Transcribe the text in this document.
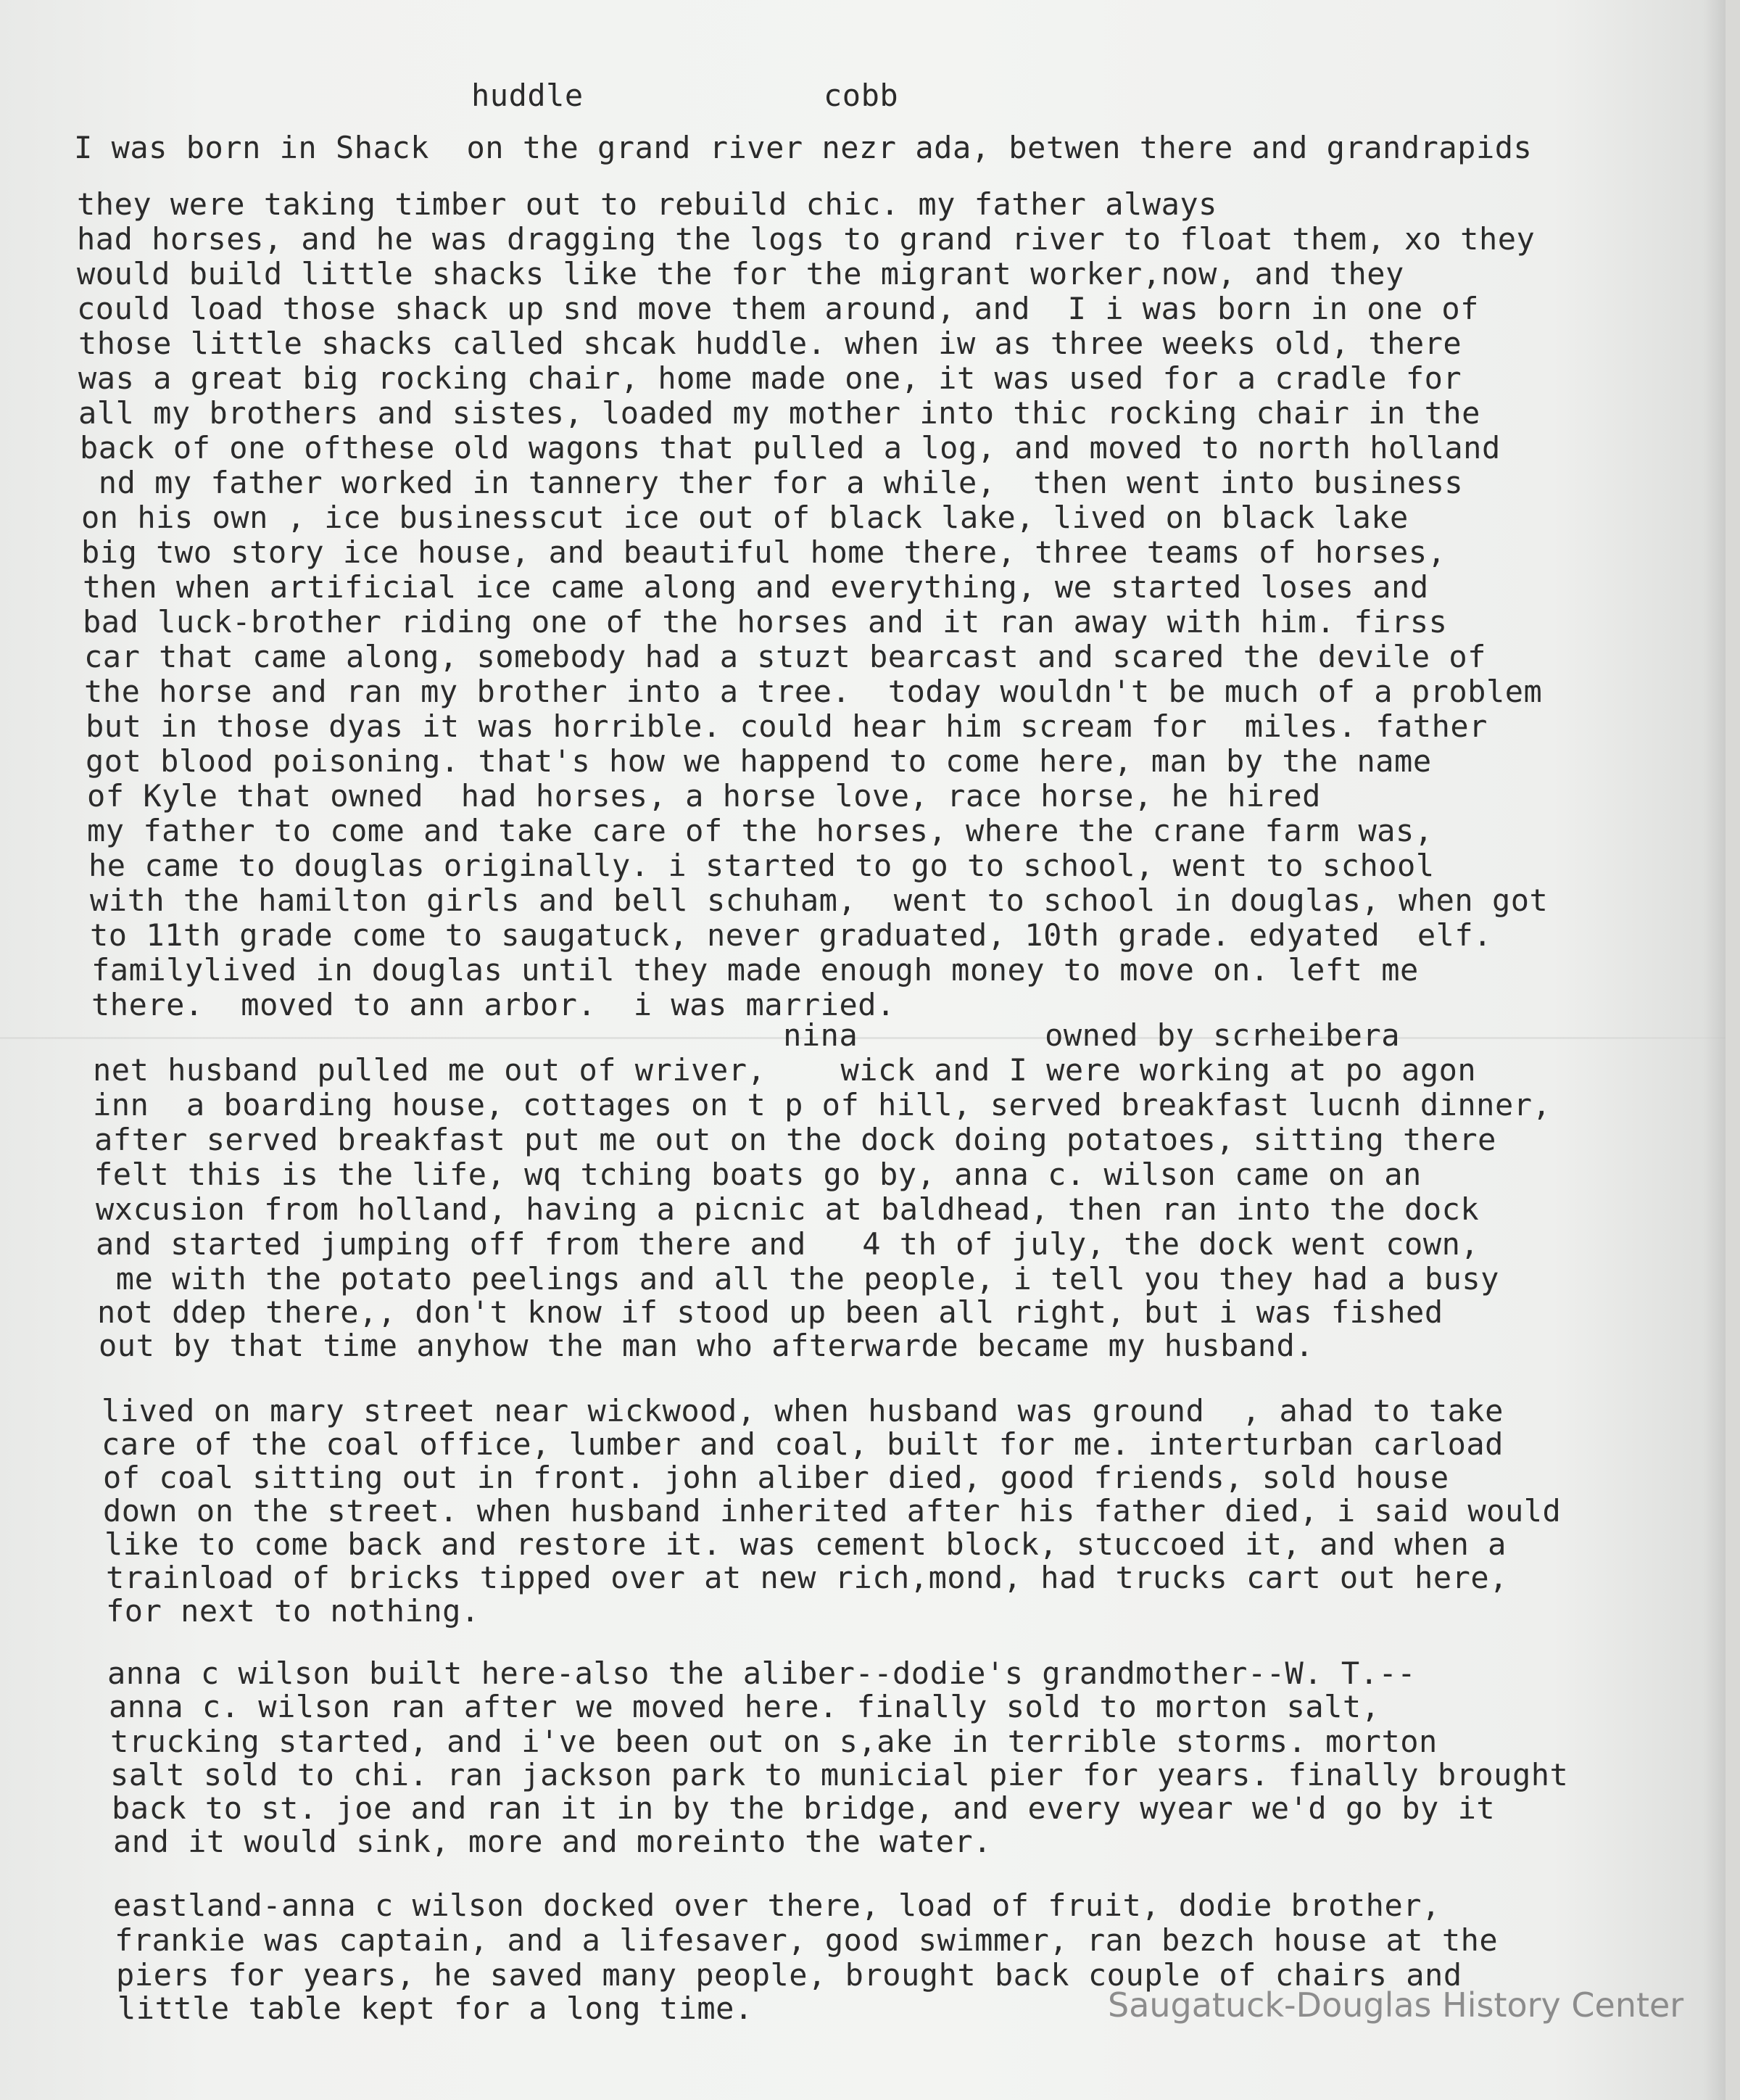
huddle	cobb
I was born in Shack  on the grand river nezr ada, betwen there and grandrapids
they were taking timber out to rebuild chic. my father always
had horses, and he was dragging the logs to grand river to float them, xo they
would build little shacks like the for the migrant worker,now, and they
could load those shack up snd move them around, and  I i was born in one of
those little shacks called shcak huddle. when iw as three weeks old, there
was a great big rocking chair, home made one, it was used for a cradle for
all my brothers and sistes, loaded my mother into thic rocking chair in the
back of one ofthese old wagons that pulled a log, and moved to north holland
nd my father worked in tannery ther for a while,  then went into business
on his own , ice businesscut ice out of black lake, lived on black lake
big two story ice house, and beautiful home there, three teams of horses,
then when artificial ice came along and everything, we started loses and
bad luck-brother riding one of the horses and it ran away with him. firss
car that came along, somebody had a stuzt bearcast and scared the devile of
the horse and ran my brother into a tree.  today wouldn't be much of a problem
but in those dyas it was horrible. could hear him scream for  miles. father
got blood poisoning. that's how we happend to come here, man by the name
of Kyle that owned  had horses, a horse love, race horse, he hired
my father to come and take care of the horses, where the crane farm was,
he came to douglas originally. i started to go to school, went to school
with the hamilton girls and bell schuham,  went to school in douglas, when got
to 11th grade come to saugatuck, never graduated, 10th grade. edyated  elf.
familylived in douglas until they made enough money to move on. left me
there.  moved to ann arbor.  i was married.
nina          owned by scrheibera
net husband pulled me out of wriver,    wick and I were working at po agon
inn  a boarding house, cottages on t p of hill, served breakfast lucnh dinner,
after served breakfast put me out on the dock doing potatoes, sitting there
felt this is the life, wq tching boats go by, anna c. wilson came on an
wxcusion from holland, having a picnic at baldhead, then ran into the dock
and started jumping off from there and   4 th of july, the dock went cown,
me with the potato peelings and all the people, i tell you they had a busy
not ddep there,, don't know if stood up been all right, but i was fished
out by that time anyhow the man who afterwarde became my husband.
lived on mary street near wickwood, when husband was ground  , ahad to take
care of the coal office, lumber and coal, built for me. interturban carload
of coal sitting out in front. john aliber died, good friends, sold house
down on the street. when husband inherited after his father died, i said would
like to come back and restore it. was cement block, stuccoed it, and when a
trainload of bricks tipped over at new rich,mond, had trucks cart out here,
for next to nothing.
anna c wilson built here-also the aliber--dodie's grandmother--W. T.--
anna c. wilson ran after we moved here. finally sold to morton salt,
trucking started, and i've been out on s,ake in terrible storms. morton
salt sold to chi. ran jackson park to municial pier for years. finally brought
back to st. joe and ran it in by the bridge, and every wyear we'd go by it
and it would sink, more and moreinto the water.
eastland-anna c wilson docked over there, load of fruit, dodie brother,
frankie was captain, and a lifesaver, good swimmer, ran bezch house at the
piers for years, he saved many people, brought back couple of chairs and
little table kept for a long time.	Saugatuck-Douglas History Center
